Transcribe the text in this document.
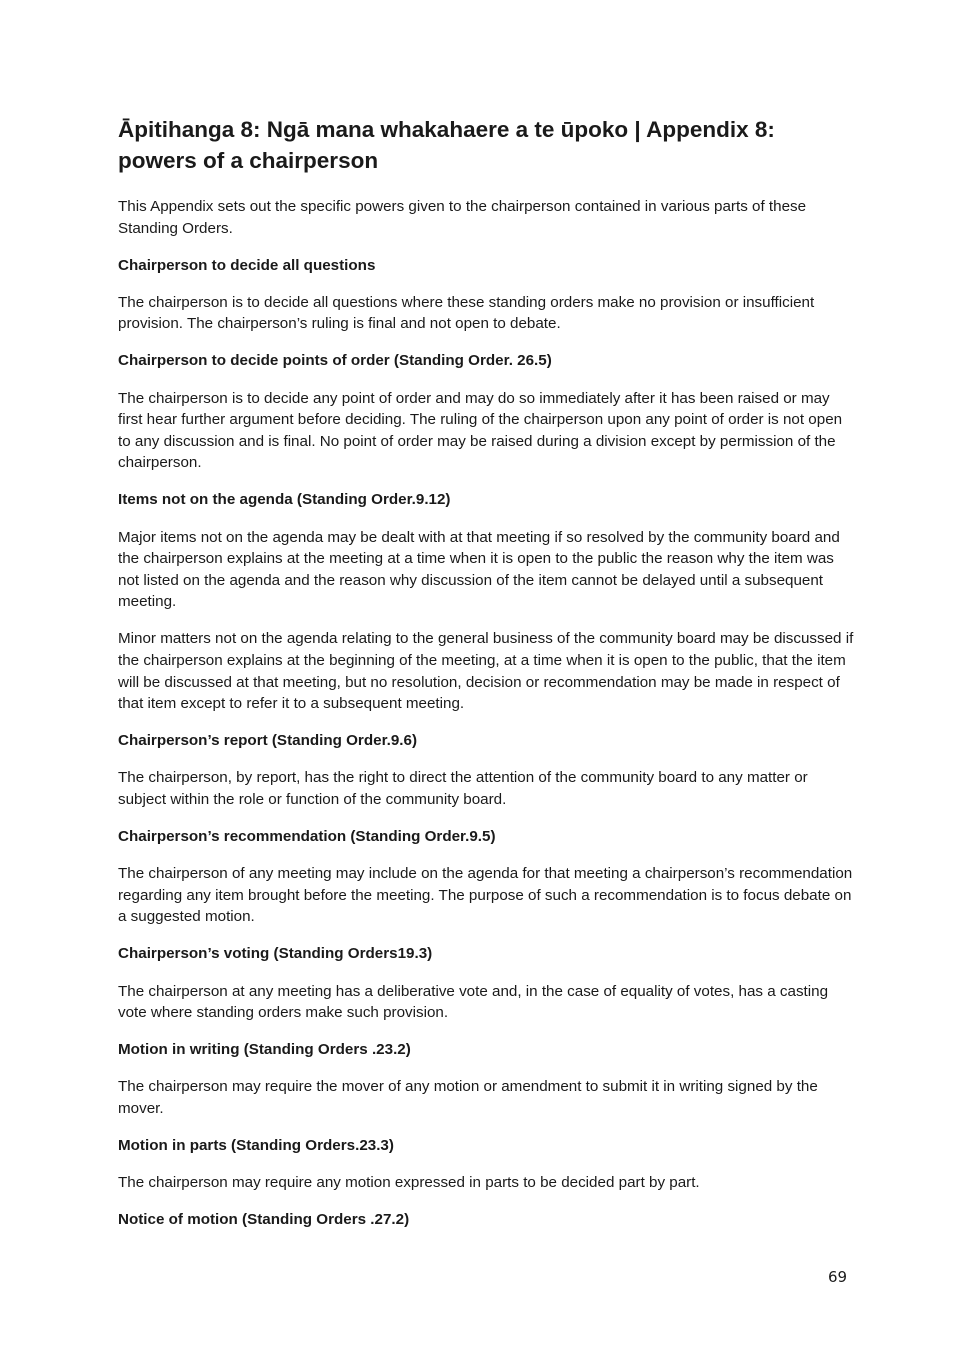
Āpitihanga 8: Ngā mana whakahaere a te ūpoko | Appendix 8: powers of a chairperson

This Appendix sets out the specific powers given to the chairperson contained in various parts of these Standing Orders.

Chairperson to decide all questions

The chairperson is to decide all questions where these standing orders make no provision or insufficient provision. The chairperson’s ruling is final and not open to debate.

Chairperson to decide points of order (Standing Order. 26.5)

The chairperson is to decide any point of order and may do so immediately after it has been raised or may first hear further argument before deciding. The ruling of the chairperson upon any point of order is not open to any discussion and is final. No point of order may be raised during a division except by permission of the chairperson.

Items not on the agenda (Standing Order.9.12)

Major items not on the agenda may be dealt with at that meeting if so resolved by the community board and the chairperson explains at the meeting at a time when it is open to the public the reason why the item was not listed on the agenda and the reason why discussion of the item cannot be delayed until a subsequent meeting.

Minor matters not on the agenda relating to the general business of the community board may be discussed if the chairperson explains at the beginning of the meeting, at a time when it is open to the public, that the item will be discussed at that meeting, but no resolution, decision or recommendation may be made in respect of that item except to refer it to a subsequent meeting.

Chairperson’s report (Standing Order.9.6)

The chairperson, by report, has the right to direct the attention of the community board to any matter or subject within the role or function of the community board.

Chairperson’s recommendation (Standing Order.9.5)

The chairperson of any meeting may include on the agenda for that meeting a chairperson’s recommendation regarding any item brought before the meeting. The purpose of such a recommendation is to focus debate on a suggested motion.

Chairperson’s voting (Standing Orders19.3)

The chairperson at any meeting has a deliberative vote and, in the case of equality of votes, has a casting vote where standing orders make such provision.

Motion in writing (Standing Orders .23.2)

The chairperson may require the mover of any motion or amendment to submit it in writing signed by the mover.

Motion in parts (Standing Orders.23.3)

The chairperson may require any motion expressed in parts to be decided part by part.

Notice of motion (Standing Orders .27.2)
69
